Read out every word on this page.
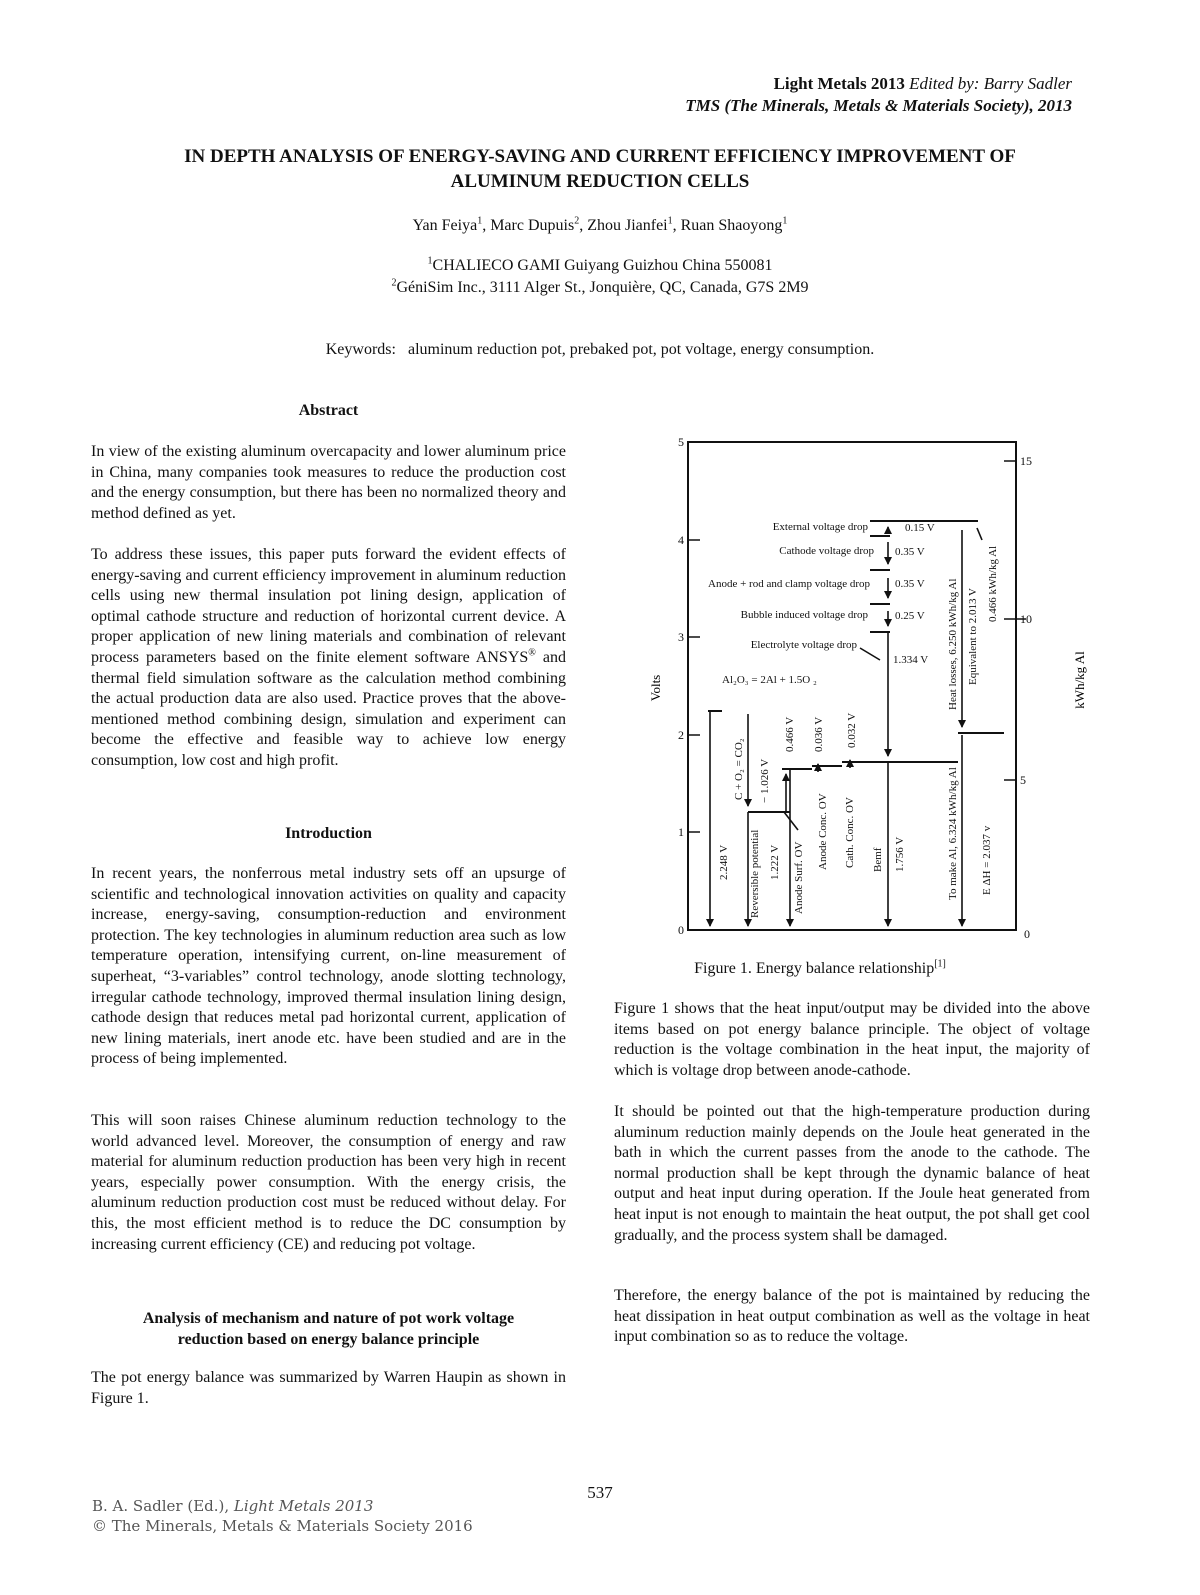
Light Metals 2013 Edited by: Barry Sadler
TMS (The Minerals, Metals & Materials Society), 2013
IN DEPTH ANALYSIS OF ENERGY-SAVING AND CURRENT EFFICIENCY IMPROVEMENT OF
ALUMINUM REDUCTION CELLS
Yan Feiya$^1$, Marc Dupuis$^2$, Zhou Jianfei$^1$, Ruan Shaoyong$^1$
$^1$CHALIECO GAMI Guiyang Guizhou China 550081
$^2$GéniSim Inc., 3111 Alger St., Jonquière, QC, Canada, G7S 2M9
Keywords:   aluminum reduction pot, prebaked pot, pot voltage, energy consumption.
Abstract

In view of the existing aluminum overcapacity and lower aluminum price in China, many companies took measures to reduce the production cost and the energy consumption, but there has been no normalized theory and method defined as yet.

To address these issues, this paper puts forward the evident effects of energy-saving and current efficiency improvement in aluminum reduction cells using new thermal insulation pot lining design, application of optimal cathode structure and reduction of horizontal current device. A proper application of new lining materials and combination of relevant process parameters based on the finite element software ANSYS® and thermal field simulation software as the calculation method combining the actual production data are also used. Practice proves that the above-mentioned method combining design, simulation and experiment can become the effective and feasible way to achieve low energy consumption, low cost and high profit.

Introduction

In recent years, the nonferrous metal industry sets off an upsurge of scientific and technological innovation activities on quality and capacity increase, energy-saving, consumption-reduction and environment protection. The key technologies in aluminum reduction area such as low temperature operation, intensifying current, on-line measurement of superheat, “3-variables” control technology, anode slotting technology, irregular cathode technology, improved thermal insulation lining design, cathode design that reduces metal pad horizontal current, application of new lining materials, inert anode etc. have been studied and are in the process of being implemented.

This will soon raises Chinese aluminum reduction technology to the world advanced level. Moreover, the consumption of energy and raw material for aluminum reduction production has been very high in recent years, especially power consumption. With the energy crisis, the aluminum reduction production cost must be reduced without delay. For this, the most efficient method is to reduce the DC consumption by increasing current efficiency (CE) and reducing pot voltage.

Analysis of mechanism and nature of pot work voltage
reduction based on energy balance principle

The pot energy balance was summarized by Warren Haupin as shown in Figure 1.

0
1
2
3
4
5
0
5
10
15
Volts	kWh/kg Al
External voltage drop	0.15 V
Cathode voltage drop 0.35 V
Anode + rod and clamp voltage drop 0.35 V
Bubble induced voltage drop 0.25 V
Electrolyte voltage drop
1.334 V
Al₂O₃ = 2Al + 1.5O ₂
2.248 V
C + O₂ = CO₂ − 1.026 V
Reversible potential 1.222 V Anode Surf. OV
0.466 V
Anode Conc. OV
0.036 V
Cath. Conc. OV
0.032 V
Bemf 1.756 V
Heat losses, 6.250 kWh/kg Al Equivalent to 2.013 V
0.466 kWh/kg Al
To make Al, 6.324 kWh/kg Al E ΔH = 2.037 v
Figure 1. Energy balance relationship[1]

Figure 1 shows that the heat input/output may be divided into the above items based on pot energy balance principle. The object of voltage reduction is the voltage combination in the heat input, the majority of which is voltage drop between anode-cathode.

It should be pointed out that the high-temperature production during aluminum reduction mainly depends on the Joule heat generated in the bath in which the current passes from the anode to the cathode. The normal production shall be kept through the dynamic balance of heat output and heat input during operation. If the Joule heat generated from heat input is not enough to maintain the heat output, the pot shall get cool gradually, and the process system shall be damaged.

Therefore, the energy balance of the pot is maintained by reducing the heat dissipation in heat output combination as well as the voltage in heat input combination so as to reduce the voltage.

537
B. A. Sadler (Ed.), Light Metals 2013
© The Minerals, Metals & Materials Society 2016
